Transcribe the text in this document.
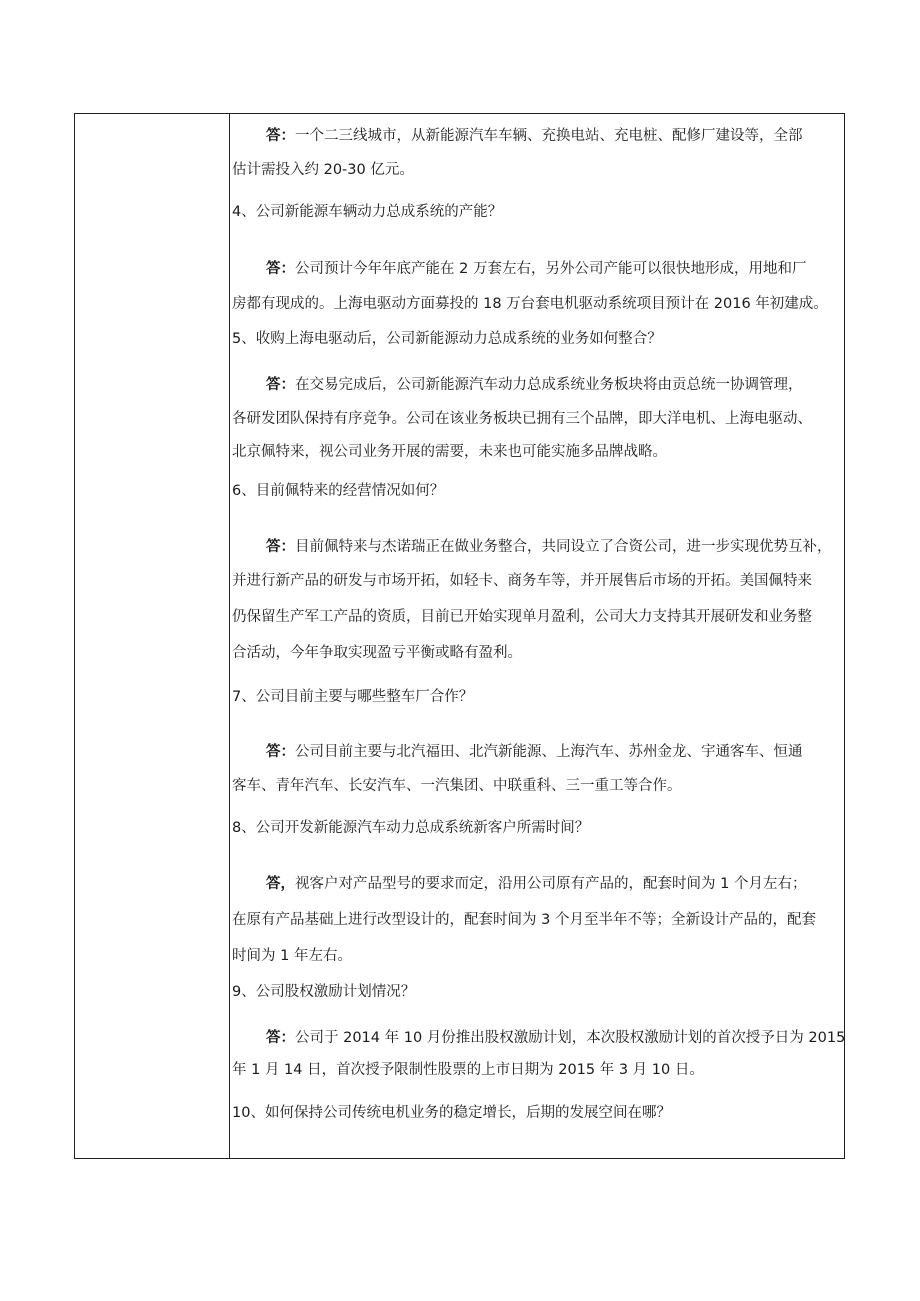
答：一个二三线城市，从新能源汽车车辆、充换电站、充电桩、配修厂建设等，全部
估计需投入约 20-30 亿元。
4、公司新能源车辆动力总成系统的产能？
答：公司预计今年年底产能在 2 万套左右，另外公司产能可以很快地形成，用地和厂
房都有现成的。上海电驱动方面募投的 18 万台套电机驱动系统项目预计在 2016 年初建成。
5、收购上海电驱动后，公司新能源动力总成系统的业务如何整合？
答：在交易完成后，公司新能源汽车动力总成系统业务板块将由贡总统一协调管理，
各研发团队保持有序竞争。公司在该业务板块已拥有三个品牌，即大洋电机、上海电驱动、
北京佩特来，视公司业务开展的需要，未来也可能实施多品牌战略。
6、目前佩特来的经营情况如何？
答：目前佩特来与杰诺瑞正在做业务整合，共同设立了合资公司，进一步实现优势互补，
并进行新产品的研发与市场开拓，如轻卡、商务车等，并开展售后市场的开拓。美国佩特来
仍保留生产军工产品的资质，目前已开始实现单月盈利，公司大力支持其开展研发和业务整
合活动，今年争取实现盈亏平衡或略有盈利。
7、公司目前主要与哪些整车厂合作？
答：公司目前主要与北汽福田、北汽新能源、上海汽车、苏州金龙、宇通客车、恒通
客车、青年汽车、长安汽车、一汽集团、中联重科、三一重工等合作。
8、公司开发新能源汽车动力总成系统新客户所需时间？
答，视客户对产品型号的要求而定，沿用公司原有产品的，配套时间为 1 个月左右；
在原有产品基础上进行改型设计的，配套时间为 3 个月至半年不等；全新设计产品的，配套
时间为 1 年左右。
9、公司股权激励计划情况？
答：公司于 2014 年 10 月份推出股权激励计划，本次股权激励计划的首次授予日为 2015
年 1 月 14 日，首次授予限制性股票的上市日期为 2015 年 3 月 10 日。
10、如何保持公司传统电机业务的稳定增长，后期的发展空间在哪？
